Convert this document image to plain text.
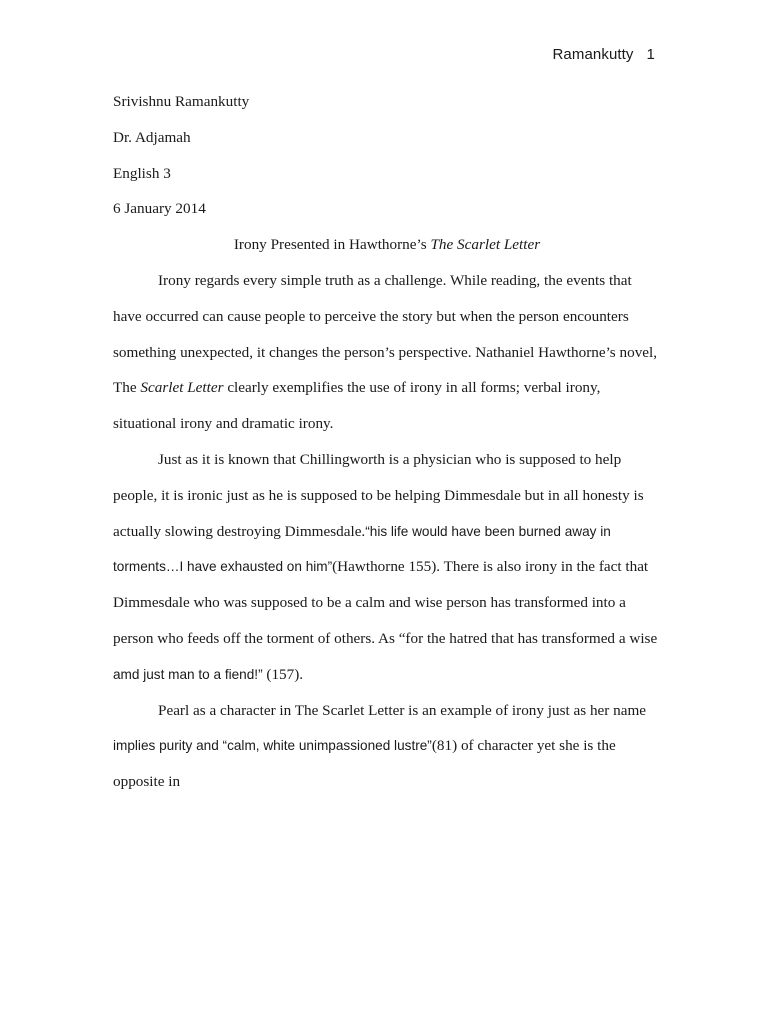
Ramankutty 1

Srivishnu Ramankutty

Dr. Adjamah

English 3

6 January 2014

Irony Presented in Hawthorne’s The Scarlet Letter

Irony regards every simple truth as a challenge. While reading, the events that have occurred can cause people to perceive the story but when the person encounters something unexpected, it changes the person’s perspective. Nathaniel Hawthorne’s novel, The Scarlet Letter clearly exemplifies the use of irony in all forms; verbal irony, situational irony and dramatic irony.

Just as it is known that Chillingworth is a physician who is supposed to help people, it is ironic just as he is supposed to be helping Dimmesdale but in all honesty is actually slowing destroying Dimmesdale.“his life would have been burned away in torments…I have exhausted on him”(Hawthorne 155). There is also irony in the fact that Dimmesdale who was supposed to be a calm and wise person has transformed into a person who feeds off the torment of others. As “for the hatred that has transformed a wise amd just man to a fiend!” (157).

Pearl as a character in The Scarlet Letter is an example of irony just as her name implies purity and “calm, white unimpassioned lustre”(81) of character yet she is the opposite in
